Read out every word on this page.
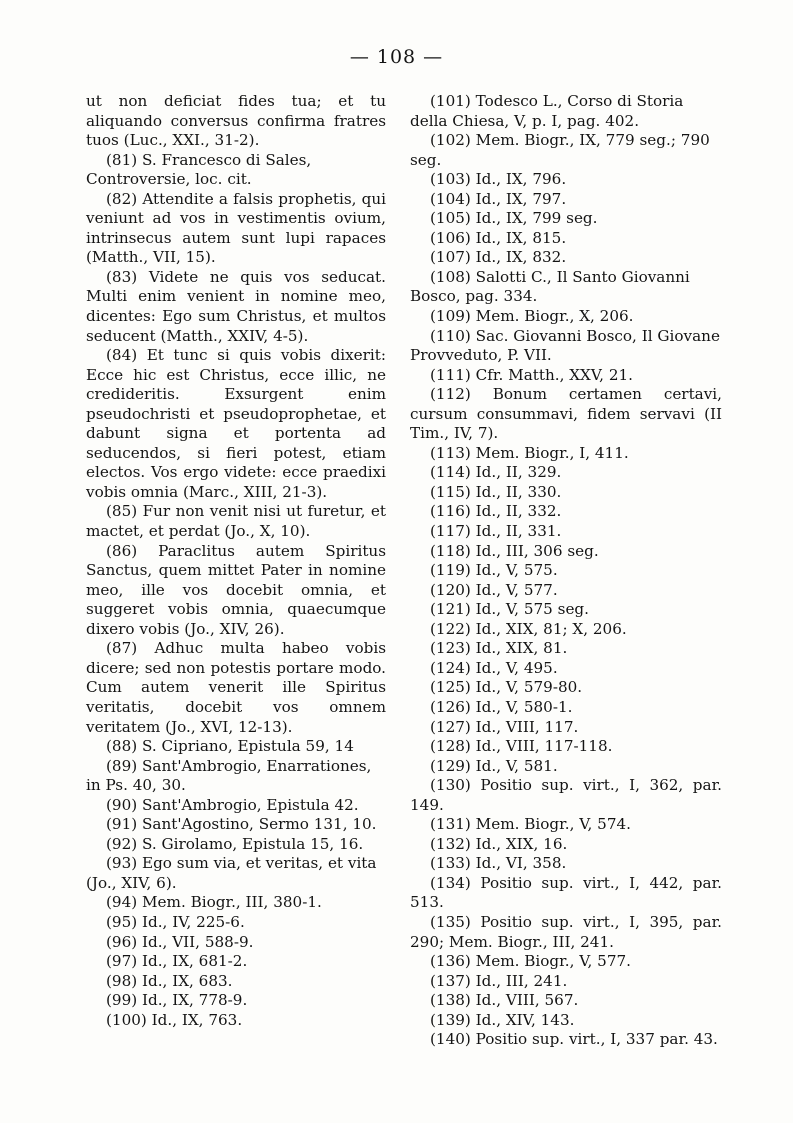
— 108 —

ut non deficiat fides tua; et tu aliquando conversus confirma fratres tuos (Luc., XXI., 31-2).

(81) S. Francesco di Sales, Controversie, loc. cit.

(82) Attendite a falsis prophetis, qui veniunt ad vos in vestimentis ovium, intrinsecus autem sunt lupi rapaces (Matth., VII, 15).

(83) Videte ne quis vos seducat. Multi enim venient in nomine meo, dicentes: Ego sum Christus, et multos seducent (Matth., XXIV, 4-5).

(84) Et tunc si quis vobis dixerit: Ecce hic est Christus, ecce illic, ne credideritis. Exsurgent enim pseudochristi et pseudoprophetae, et dabunt signa et portenta ad seducendos, si fieri potest, etiam electos. Vos ergo videte: ecce praedixi vobis omnia (Marc., XIII, 21-3).

(85) Fur non venit nisi ut furetur, et mactet, et perdat (Jo., X, 10).

(86) Paraclitus autem Spiritus Sanctus, quem mittet Pater in nomine meo, ille vos docebit omnia, et suggeret vobis omnia, quaecumque dixero vobis (Jo., XIV, 26).

(87) Adhuc multa habeo vobis dicere; sed non potestis portare modo. Cum autem venerit ille Spiritus veritatis, docebit vos omnem veritatem (Jo., XVI, 12-13).

(88) S. Cipriano, Epistula 59, 14

(89) Sant'Ambrogio, Enarrationes, in Ps. 40, 30.

(90) Sant'Ambrogio, Epistula 42.

(91) Sant'Agostino, Sermo 131, 10.

(92) S. Girolamo, Epistula 15, 16.

(93) Ego sum via, et veritas, et vita (Jo., XIV, 6).

(94) Mem. Biogr., III, 380-1.

(95) Id., IV, 225-6.

(96) Id., VII, 588-9.

(97) Id., IX, 681-2.

(98) Id., IX, 683.

(99) Id., IX, 778-9.

(100) Id., IX, 763.

(101) Todesco L., Corso di Storia della Chiesa, V, p. I, pag. 402.

(102) Mem. Biogr., IX, 779 seg.; 790 seg.

(103) Id., IX, 796.

(104) Id., IX, 797.

(105) Id., IX, 799 seg.

(106) Id., IX, 815.

(107) Id., IX, 832.

(108) Salotti C., Il Santo Giovanni Bosco, pag. 334.

(109) Mem. Biogr., X, 206.

(110) Sac. Giovanni Bosco, Il Giovane Provveduto, P. VII.

(111) Cfr. Matth., XXV, 21.

(112) Bonum certamen certavi, cursum consummavi, fidem servavi (II Tim., IV, 7).

(113) Mem. Biogr., I, 411.

(114) Id., II, 329.

(115) Id., II, 330.

(116) Id., II, 332.

(117) Id., II, 331.

(118) Id., III, 306 seg.

(119) Id., V, 575.

(120) Id., V, 577.

(121) Id., V, 575 seg.

(122) Id., XIX, 81; X, 206.

(123) Id., XIX, 81.

(124) Id., V, 495.

(125) Id., V, 579-80.

(126) Id., V, 580-1.

(127) Id., VIII, 117.

(128) Id., VIII, 117-118.

(129) Id., V, 581.

(130) Positio sup. virt., I, 362, par. 149.

(131) Mem. Biogr., V, 574.

(132) Id., XIX, 16.

(133) Id., VI, 358.

(134) Positio sup. virt., I, 442, par. 513.

(135) Positio sup. virt., I, 395, par. 290; Mem. Biogr., III, 241.

(136) Mem. Biogr., V, 577.

(137) Id., III, 241.

(138) Id., VIII, 567.

(139) Id., XIV, 143.

(140) Positio sup. virt., I, 337 par. 43.
